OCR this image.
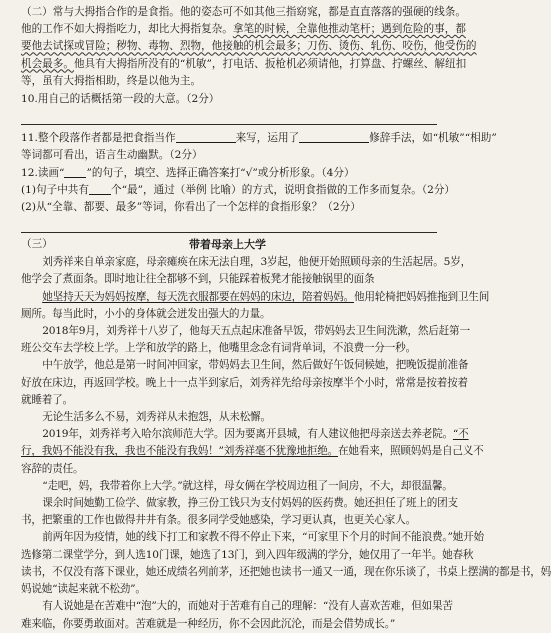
（二）常与大拇指合作的是食指。他的姿态可不如其他三指窈窕，都是直直落落的强硬的线条。

他的工作不如大拇指吃力，却比大拇指复杂。拿笔的时候，全靠他推动笔杆；遇到危险的事，都

要他去试探或冒险；秽物、毒物、烈物，他接触的机会最多；刀伤、烫伤、轧伤、咬伤，他受伤的

机会最多。他具有大拇指所没有的“机敏”，打电话、扳枪机必须请他，打算盘、拧螺丝、解纽扣

等，虽有大拇指相助，终是以他为主。

10.用自己的话概括第一段的大意。（2分）

11.整个段落作者都是把食指当作	来写，运用了	修辞手法，如“机敏”“相助”

等词都可看出，语言生动幽默。（2分）

12.读画“ ”的句子，填空、选择正确答案打“√”或分析形象。（4分）

(1)句子中共有 个“最”，通过（举例 比喻）的方式，说明食指做的工作多而复杂。（2分）

(2)从“全靠、都要、最多”等词，你看出了一个怎样的食指形象？（2分）

（三）	带着母亲上大学

刘秀祥来自单亲家庭，母亲瘫痪在床无法自理，3岁起，他便开始照顾母亲的生活起居。5岁，

他学会了煮面条。即时地让往全都够不到，只能踩着板凳才能接触锅里的面条

她坚持天天为妈妈按摩，每天洗衣服都要在妈妈的床边，陪着妈妈。他用轮椅把妈妈推拖到卫生间

厕所。每当此时，小小的身体就会迸发出强大的力量。

2018年9月，刘秀祥十八岁了，他每天五点起床准备早饭，带妈妈去卫生间洗漱，然后赶第一

班公交车去学校上学。上学和放学的路上，他嘴里念念有词背单词，不浪费一分一秒。

中午放学，他总是第一时间冲回家，带妈妈去卫生间，然后做好午饭伺候她，把晚饭提前准备

好放在床边，再返回学校。晚上十一点半到家后，刘秀祥先给母亲按摩半个小时，常常是按着按着

就睡着了。

无论生活多么不易，刘秀祥从未抱怨，从未松懈。

2019年，刘秀祥考入哈尔滨师范大学。因为要离开县城，有人建议他把母亲送去养老院。“不

行，我妈不能没有我，我也不能没有我妈！”刘秀祥毫不犹豫地拒绝。在她看来，照顾妈妈是自己义不

容辞的责任。

“走吧，妈，我带着你上大学。”就这样，母女俩在学校周边租了一间房，不大，却很温馨。

课余时间她勤工俭学、做家教，挣三份工钱只为支付妈妈的医药费。她还担任了班上的团支

书，把繁重的工作也做得井井有条。很多同学受她感染，学习更认真，也更关心家人。

前两年因为疫情，她的线下打工和家教不得不停止下来，“可家里下个月的时间不能浪费。”她开始

选修第二课堂学分，到人选10门课，她选了13门，到入四年级满的学分，她仅用了一年半。她春秋

读书，不仅没有落下课业，她还成绩名列前茅，还把她也读书一通又一通，现在你乐谈了，书桌上摆满的都是书，妈

妈说她“读起来就不松劲”。

有人说她是在苦难中“泡”大的，而她对于苦难有自己的理解：“没有人喜欢苦难，但如果苦

难来临，你要勇敢面对。苦难就是一种经历，你不会因此沉沦，而是会借势成长。”
